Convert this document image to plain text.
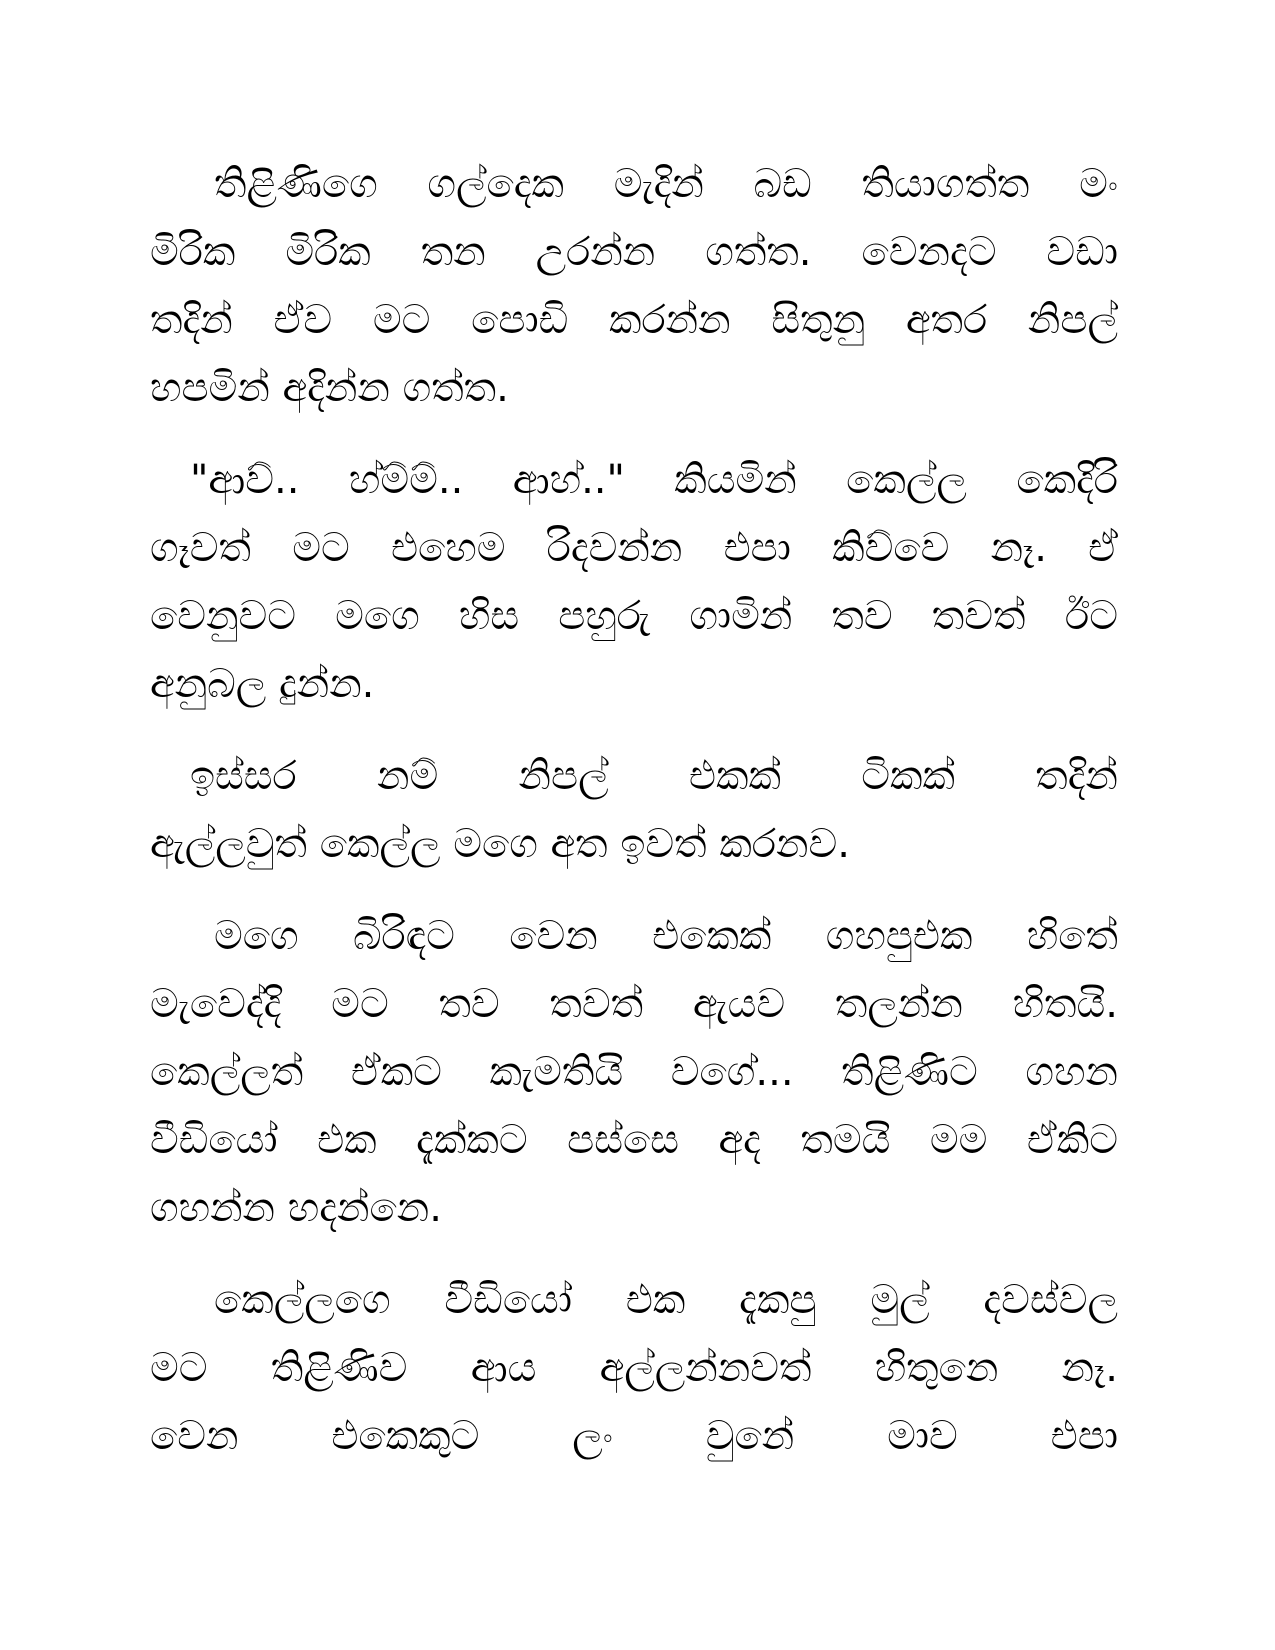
තිළිණිගෙ ගල්දෙක මැදින් බඩ තියාගත්ත මං
මිරික මිරික තන උරන්න ගත්ත. වෙනදට වඩා
තදින් ඒව මට පොඩි කරන්න සිතුනු අතර නිපල්
හපමින් අදින්න ගත්ත.
"ආව්.. හ්ම්ම්.. ආහ්.." කියමින් කෙල්ල කෙදිරි
ගෑවත් මට එහෙම රිදවන්න එපා කිව්වෙ නෑ. ඒ
වෙනුවට මගෙ හිස පහුරු ගාමින් තව තවත් ඊට
අනුබල දුන්න.
ඉස්සර නම් නිපල් එකක් ටිකක් තදින්
ඇල්ලවුත් කෙල්ල මගෙ අත ඉවත් කරනව.
මගෙ බිරිඳට වෙන එකෙක් ගහපුඑක හිතේ
මැවෙද්දි මට තව තවත් ඇයව තලන්න හිතයි.
කෙල්ලත් ඒකට කැමතියි වගේ... තිළිණිට ගහන
වීඩියෝ එක දැක්කට පස්සෙ අද තමයි මම ඒකිට
ගහන්න හදන්නෙ.
කෙල්ලගෙ වීඩියෝ එක දැකපු මුල් දවස්වල
මට තිළිණිව ආය අල්ලන්නවත් හිතුනෙ නෑ.
වෙන එකෙකුට ලං වුනේ මාව එපා
